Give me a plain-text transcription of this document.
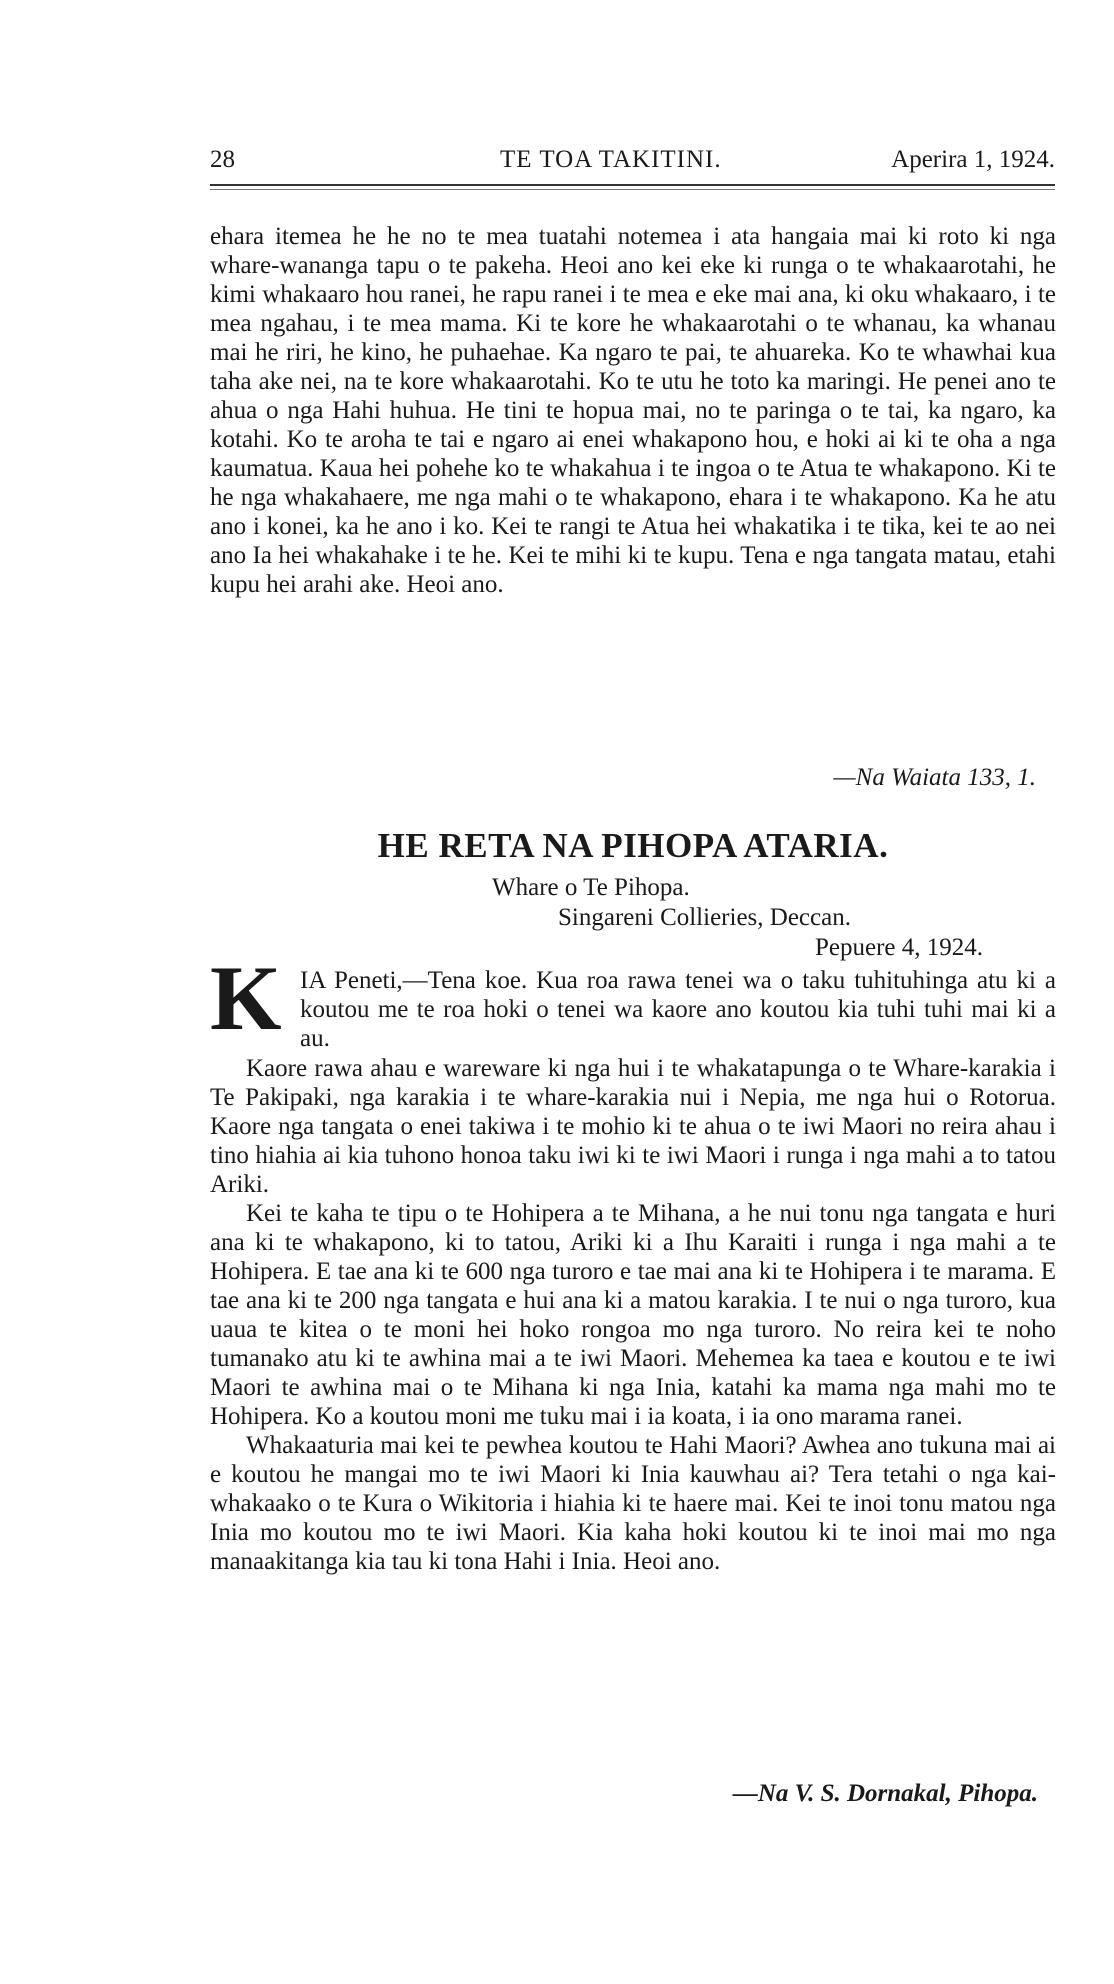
28	TE TOA TAKITINI.	Aperira 1, 1924.

ehara itemea he he no te mea tuatahi notemea i ata hangaia mai ki roto ki nga whare-wananga tapu o te pakeha. Heoi ano kei eke ki runga o te whakaarotahi, he kimi whakaaro hou ranei, he rapu ranei i te mea e eke mai ana, ki oku whakaaro, i te mea ngahau, i te mea mama. Ki te kore he whakaarotahi o te whanau, ka whanau mai he riri, he kino, he puhaehae. Ka ngaro te pai, te ahuareka. Ko te whawhai kua taha ake nei, na te kore whakaarotahi. Ko te utu he toto ka maringi. He penei ano te ahua o nga Hahi huhua. He tini te hopua mai, no te paringa o te tai, ka ngaro, ka kotahi. Ko te aroha te tai e ngaro ai enei whakapono hou, e hoki ai ki te oha a nga kaumatua. Kaua hei pohehe ko te whakahua i te ingoa o te Atua te whakapono. Ki te he nga whakahaere, me nga mahi o te whakapono, ehara i te whakapono. Ka he atu ano i konei, ka he ano i ko. Kei te rangi te Atua hei whakatika i te tika, kei te ao nei ano Ia hei whakahake i te he. Kei te mihi ki te kupu. Tena e nga tangata matau, etahi kupu hei arahi ake. Heoi ano.

—Na Waiata 133, 1.
HE RETA NA PIHOPA ATARIA.
Whare o Te Pihopa.
Singareni Collieries, Deccan.
Pepuere 4, 1924.
K IA Peneti,—Tena koe. Kua roa rawa tenei wa o taku tuhituhinga atu ki a koutou me te roa hoki o tenei wa kaore ano koutou kia tuhi tuhi mai ki a au.

Kaore rawa ahau e wareware ki nga hui i te whakatapunga o te Whare-karakia i Te Pakipaki, nga karakia i te whare-karakia nui i Nepia, me nga hui o Rotorua. Kaore nga tangata o enei takiwa i te mohio ki te ahua o te iwi Maori no reira ahau i tino hiahia ai kia tuhono honoa taku iwi ki te iwi Maori i runga i nga mahi a to tatou Ariki.

Kei te kaha te tipu o te Hohipera a te Mihana, a he nui tonu nga tangata e huri ana ki te whakapono, ki to tatou, Ariki ki a Ihu Karaiti i runga i nga mahi a te Hohipera. E tae ana ki te 600 nga turoro e tae mai ana ki te Hohipera i te marama. E tae ana ki te 200 nga tangata e hui ana ki a matou karakia. I te nui o nga turoro, kua uaua te kitea o te moni hei hoko rongoa mo nga turoro. No reira kei te noho tumanako atu ki te awhina mai a te iwi Maori. Mehemea ka taea e koutou e te iwi Maori te awhina mai o te Mihana ki nga Inia, katahi ka mama nga mahi mo te Hohipera. Ko a koutou moni me tuku mai i ia koata, i ia ono marama ranei.

Whakaaturia mai kei te pewhea koutou te Hahi Maori? Awhea ano tukuna mai ai e koutou he mangai mo te iwi Maori ki Inia kauwhau ai? Tera tetahi o nga kai-whakaako o te Kura o Wikitoria i hiahia ki te haere mai. Kei te inoi tonu matou nga Inia mo koutou mo te iwi Maori. Kia kaha hoki koutou ki te inoi mai mo nga manaakitanga kia tau ki tona Hahi i Inia. Heoi ano.

—Na V. S. Dornakal, Pihopa.
